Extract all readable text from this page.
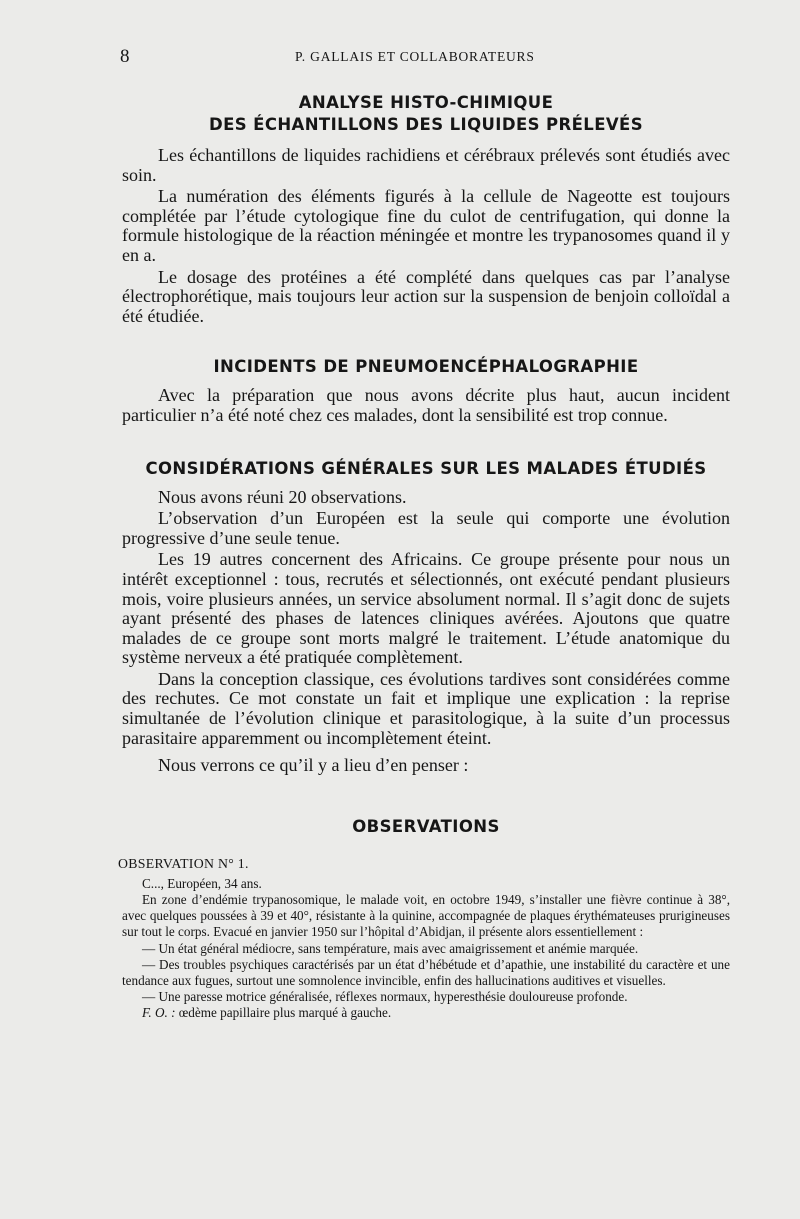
8	P. GALLAIS ET COLLABORATEURS
ANALYSE HISTO-CHIMIQUE
DES ÉCHANTILLONS DES LIQUIDES PRÉLEVÉS

Les échantillons de liquides rachidiens et cérébraux prélevés sont étudiés avec soin.

La numération des éléments figurés à la cellule de Nageotte est toujours complétée par l’étude cytologique fine du culot de centrifugation, qui donne la formule histologique de la réaction méningée et montre les trypanosomes quand il y en a.

Le dosage des protéines a été complété dans quelques cas par l’analyse électrophorétique, mais toujours leur action sur la suspension de benjoin colloïdal a été étudiée.

INCIDENTS DE PNEUMOENCÉPHALOGRAPHIE

Avec la préparation que nous avons décrite plus haut, aucun incident particulier n’a été noté chez ces malades, dont la sensibilité est trop connue.

CONSIDÉRATIONS GÉNÉRALES SUR LES MALADES ÉTUDIÉS

Nous avons réuni 20 observations.

L’observation d’un Européen est la seule qui comporte une évolution progressive d’une seule tenue.

Les 19 autres concernent des Africains. Ce groupe présente pour nous un intérêt exceptionnel : tous, recrutés et sélectionnés, ont exécuté pendant plusieurs mois, voire plusieurs années, un service absolument normal. Il s’agit donc de sujets ayant présenté des phases de latences cliniques avérées. Ajoutons que quatre malades de ce groupe sont morts malgré le traitement. L’étude anatomique du système nerveux a été pratiquée complètement.

Dans la conception classique, ces évolutions tardives sont considérées comme des rechutes. Ce mot constate un fait et implique une explication : la reprise simultanée de l’évolution clinique et parasitologique, à la suite d’un processus parasitaire apparemment ou incomplètement éteint.

Nous verrons ce qu’il y a lieu d’en penser :

OBSERVATIONS

OBSERVATION N° 1.

C..., Européen, 34 ans.

En zone d’endémie trypanosomique, le malade voit, en octobre 1949, s’installer une fièvre continue à 38°, avec quelques poussées à 39 et 40°, résistante à la quinine, accompagnée de plaques érythémateuses prurigineuses sur tout le corps. Evacué en janvier 1950 sur l’hôpital d’Abidjan, il présente alors essentiellement :

— Un état général médiocre, sans température, mais avec amaigrissement et anémie marquée.

— Des troubles psychiques caractérisés par un état d’hébétude et d’apathie, une instabilité du caractère et une tendance aux fugues, surtout une somnolence invincible, enfin des hallucinations auditives et visuelles.

— Une paresse motrice généralisée, réflexes normaux, hyperesthésie douloureuse profonde.

F. O. : œdème papillaire plus marqué à gauche.
